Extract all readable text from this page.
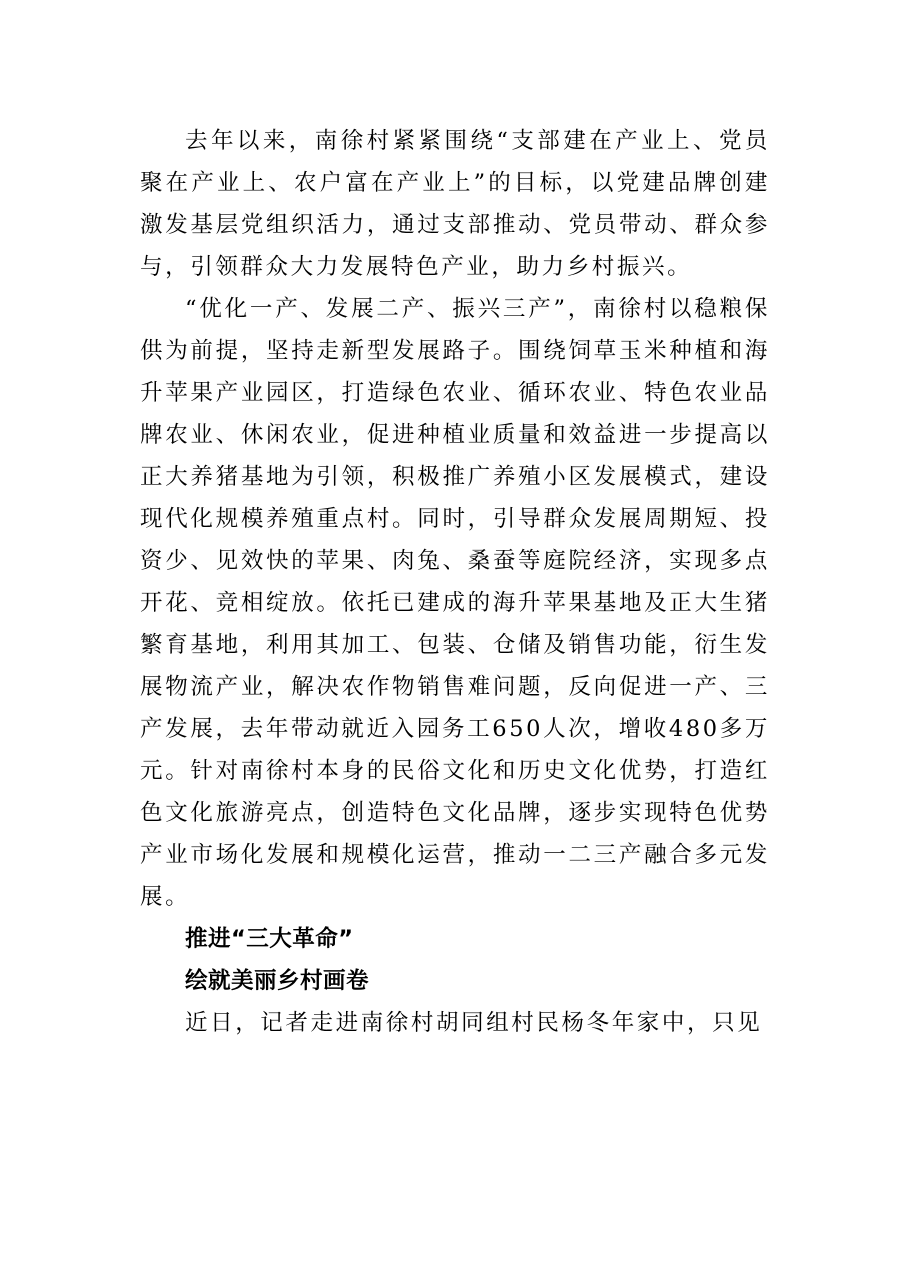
去年以来，南徐村紧紧围绕“支部建在产业上、党员聚在产业上、农户富在产业上”的目标，以党建品牌创建激发基层党组织活力，通过支部推动、党员带动、群众参与，引领群众大力发展特色产业，助力乡村振兴。

“优化一产、发展二产、振兴三产”，南徐村以稳粮保供为前提，坚持走新型发展路子。围绕饲草玉米种植和海升苹果产业园区，打造绿色农业、循环农业、特色农业品牌农业、休闲农业，促进种植业质量和效益进一步提高以正大养猪基地为引领，积极推广养殖小区发展模式，建设现代化规模养殖重点村。同时，引导群众发展周期短、投资少、见效快的苹果、肉兔、桑蚕等庭院经济，实现多点开花、竞相绽放。依托已建成的海升苹果基地及正大生猪繁育基地，利用其加工、包装、仓储及销售功能，衍生发展物流产业，解决农作物销售难问题，反向促进一产、三产发展，去年带动就近入园务工650人次，增收480多万元。针对南徐村本身的民俗文化和历史文化优势，打造红色文化旅游亮点，创造特色文化品牌，逐步实现特色优势产业市场化发展和规模化运营，推动一二三产融合多元发展。

推进“三大革命”

绘就美丽乡村画卷

近日，记者走进南徐村胡同组村民杨冬年家中，只见
